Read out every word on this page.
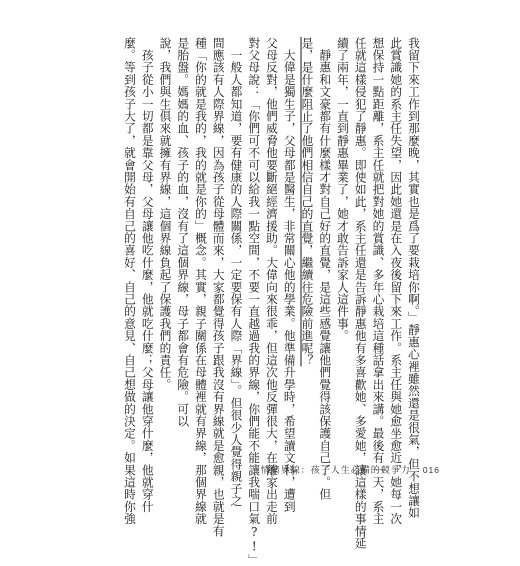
我留下來工作到那麼晚，其實也是爲了要栽培你啊。」靜惠心裡雖然還是很氣，但不想讓如

此賞識她的系主任失望，因此她還是在入夜後留下來工作。系主任與她愈坐愈近，她每一次

想保持一點距離，系主任就把對她的賞識、多年心栽培這種話拿出來講。最後有一天，系主

任就這樣侵犯了靜惠。即使如此，系主任還是告訴靜惠他有多喜歡她、多愛她，讓這樣的事情延

續了兩年，一直到靜惠畢業了，她才敢告訴家人這件事。

　靜惠和文豪都有什麼樣才對自己好的直覺，是這些感覺讓他們覺得該保護自己了。但

是，是什麼阻止了他們相信自己的直覺，繼續往危險前進呢？

　大偉是獨生子，父母都是醫生，非常關心他的學業。他準備升學時，希望讀文科，遭到

父母反對，他們威脅他要斷絕經濟援助。大偉向來很乖，但這次他反彈很大，在離家出走前

對父母說：「你們可不可以給我一點空間，不要一直越過我的界線，你們能不能讓我喘口氣?!」

　一般人都知道，要有健康的人際關係，一定要保有人際「界線」。但很少人覺得親子之

間應該有人際界線，因為孩子從母體而來，大家都覺得孩子跟我沒有界線就是愈親，也就是有

種「你的就是我的，我的就是你的」概念。其實，親子關係在母體裡就有界線，那個界線就

是胎盤。媽媽的血、孩子的血，沒有了這個界線，母子都會有危險。可以

說，我們與生俱來就擁有界線，這個界線負起了保護我們的責任。

　孩子從小一切都是靠父母，父母讓他吃什麼，他就吃什麼；父母讓他穿什麼，他就穿什

麼。等到孩子大了，就會開始有自己的喜好、自己的意見、自己想做的決定。如果這時你強	情緒界線：孩子人生必備的競爭力 016
